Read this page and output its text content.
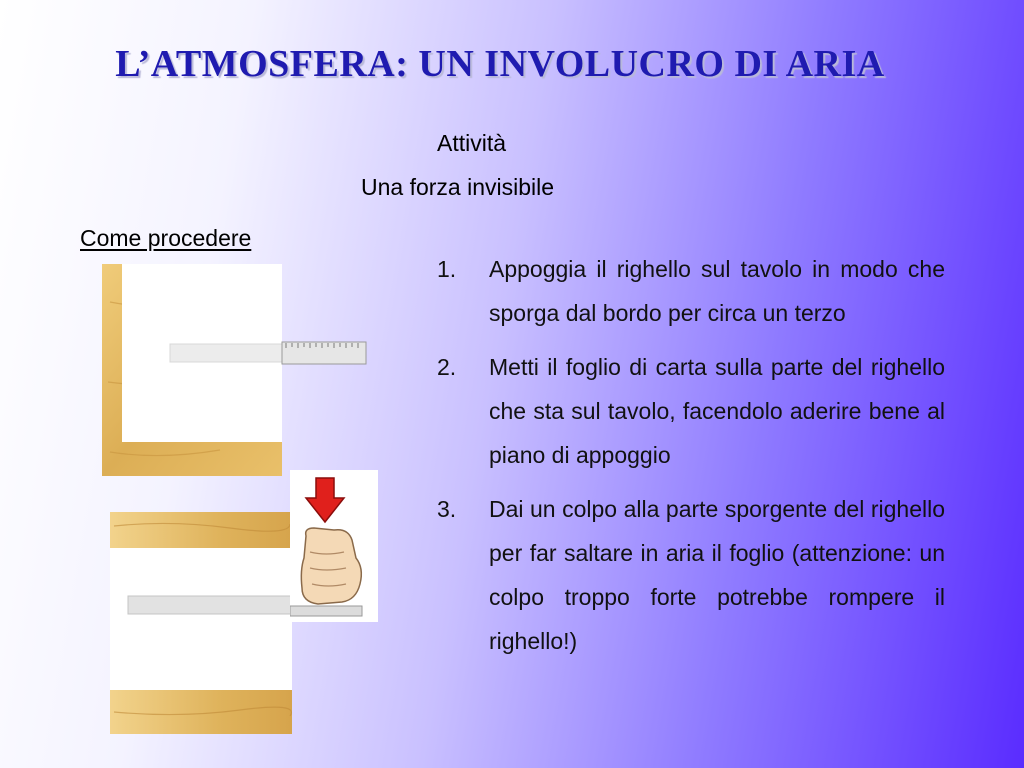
L’ATMOSFERA: UN INVOLUCRO DI ARIA
Attività
Una forza invisibile
Come procedere
1.	Appoggia il righello sul tavolo in modo che sporga dal bordo per circa un terzo
2.	Metti il foglio di carta sulla parte del righello che sta sul tavolo, facendolo aderire bene al piano di appoggio
3.	Dai un colpo alla parte sporgente del righello per far saltare in aria il foglio (attenzione: un colpo troppo forte potrebbe rompere il righello!)
